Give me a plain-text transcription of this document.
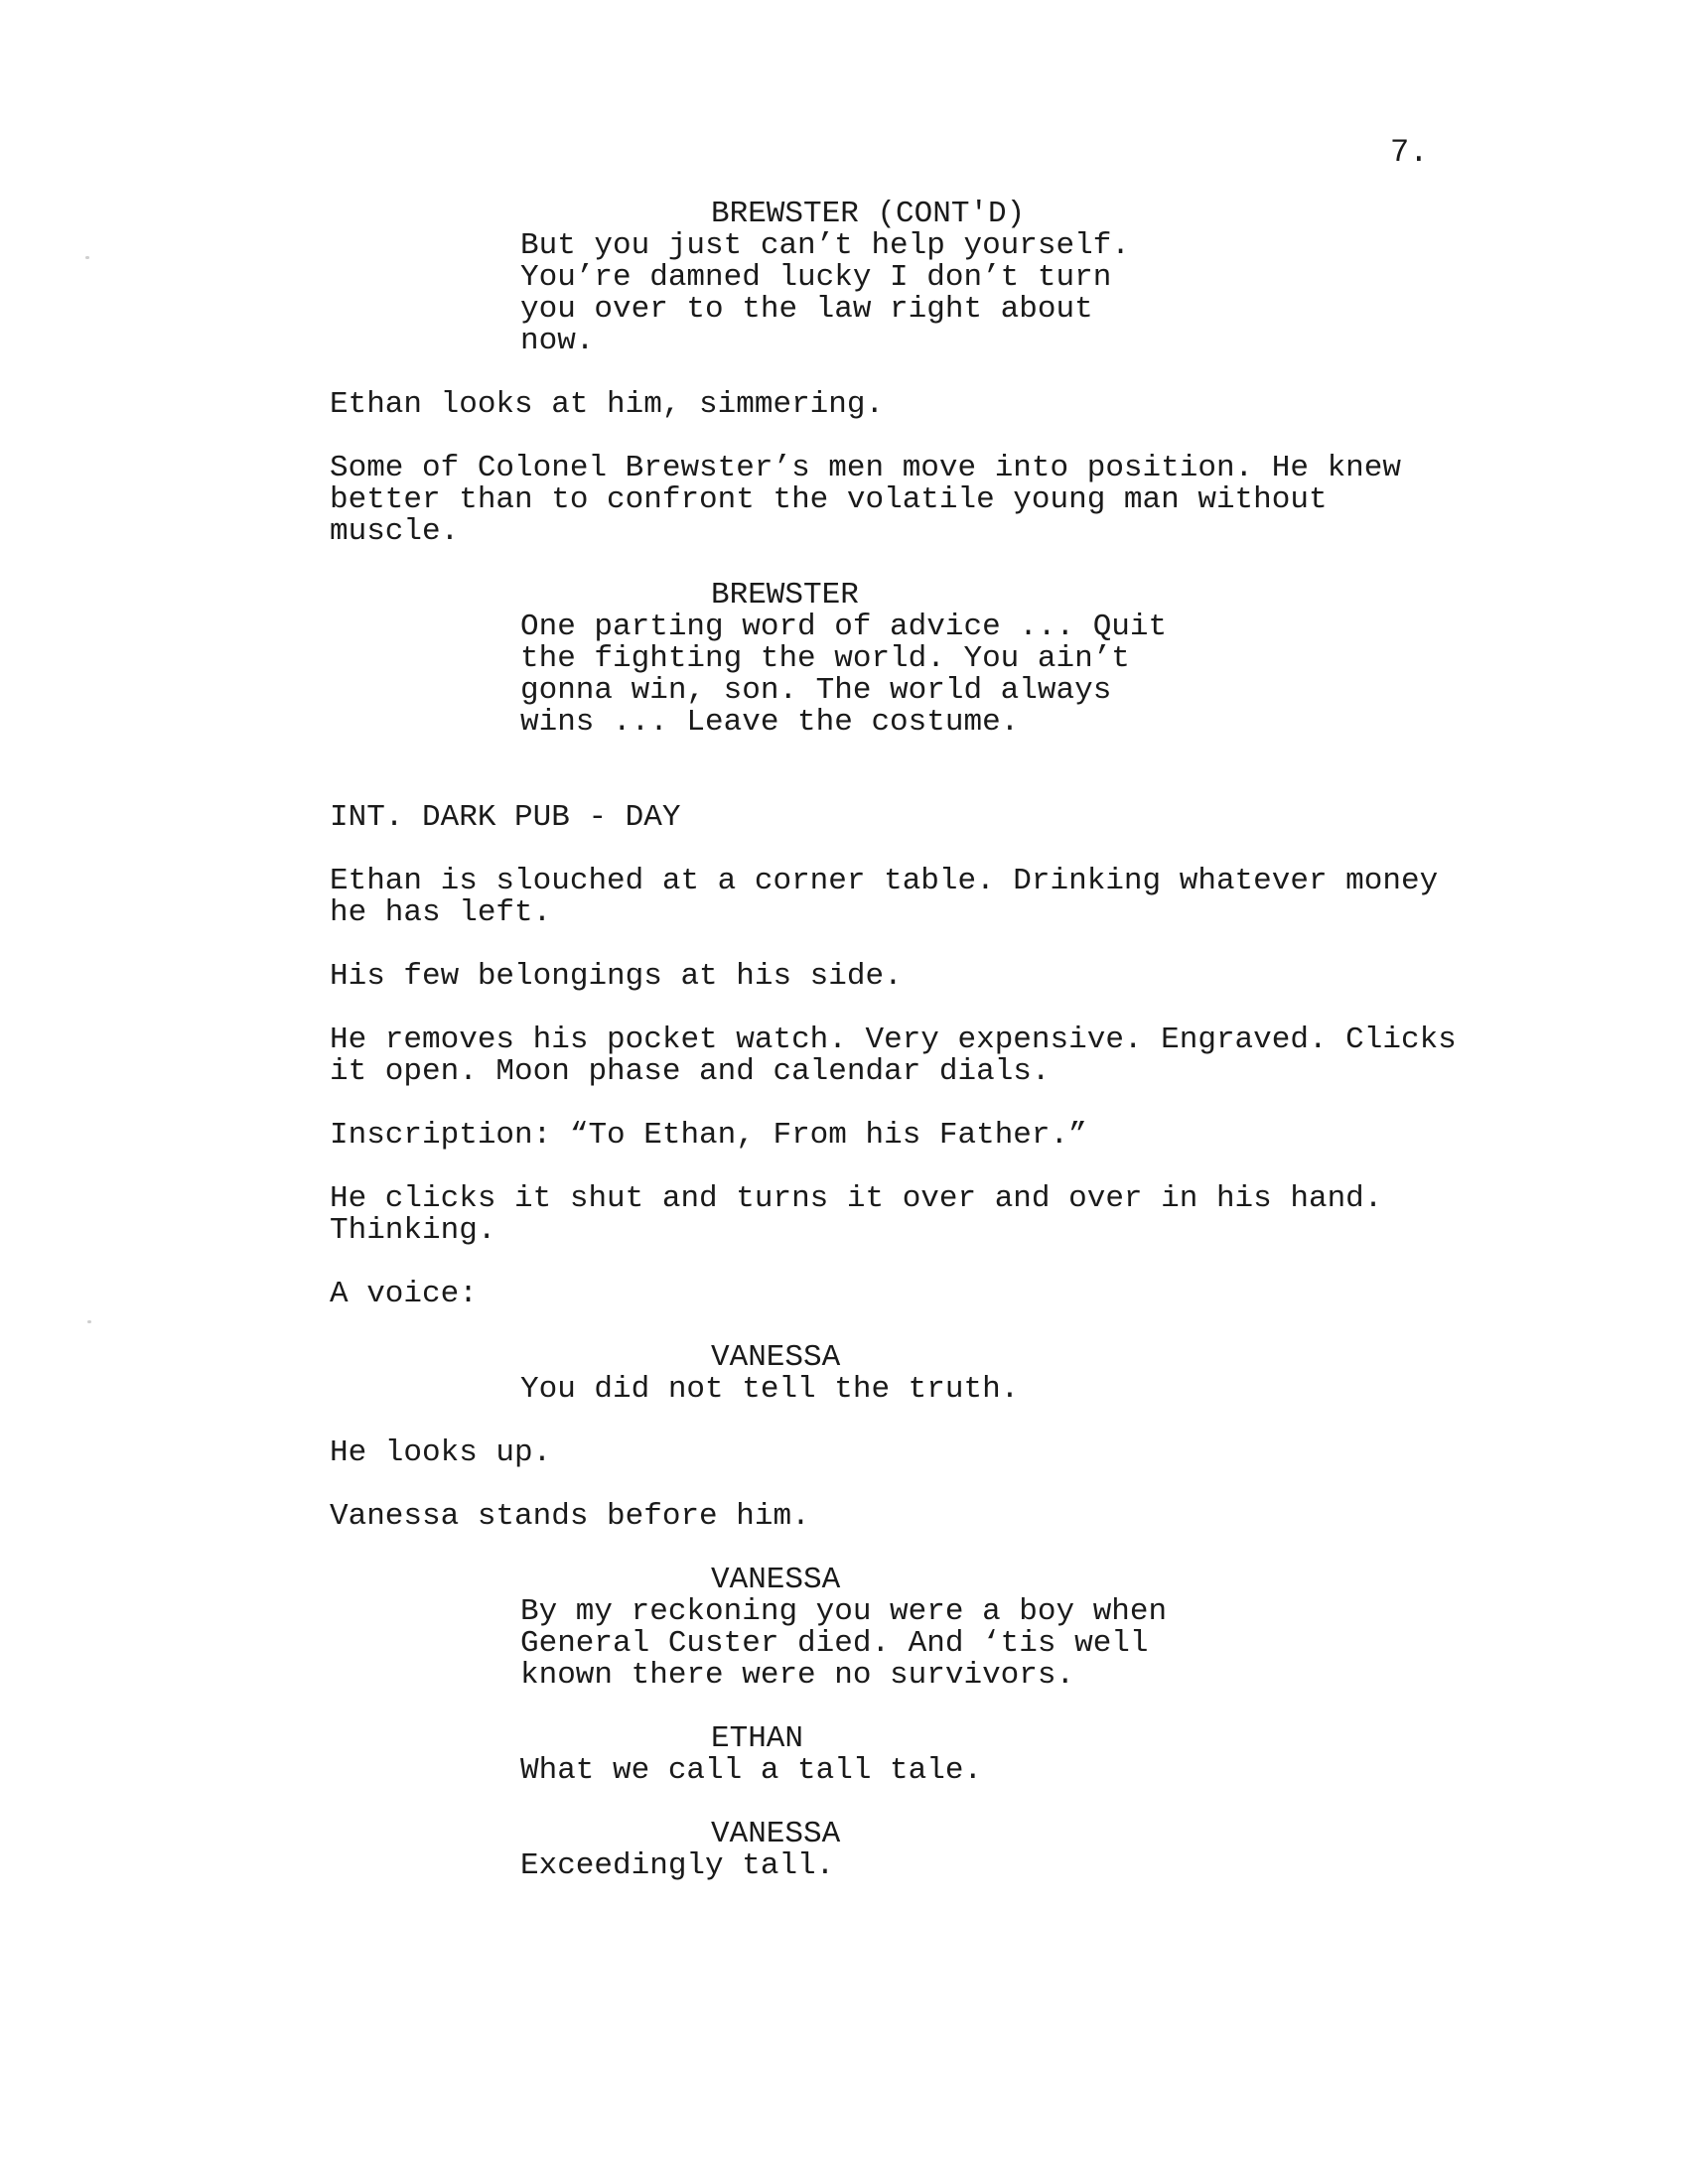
7.
BREWSTER (CONT'D)
But you just can’t help yourself.
You’re damned lucky I don’t turn
you over to the law right about
now.
Ethan looks at him, simmering.
Some of Colonel Brewster’s men move into position. He knew
better than to confront the volatile young man without
muscle.
BREWSTER
One parting word of advice ... Quit
the fighting the world. You ain’t
gonna win, son. The world always
wins ... Leave the costume.
INT. DARK PUB - DAY
Ethan is slouched at a corner table. Drinking whatever money
he has left.
His few belongings at his side.
He removes his pocket watch. Very expensive. Engraved. Clicks
it open. Moon phase and calendar dials.
Inscription: “To Ethan, From his Father.”
He clicks it shut and turns it over and over in his hand.
Thinking.
A voice:
VANESSA
You did not tell the truth.
He looks up.
Vanessa stands before him.
VANESSA
By my reckoning you were a boy when
General Custer died. And ‘tis well
known there were no survivors.
ETHAN
What we call a tall tale.
VANESSA
Exceedingly tall.
